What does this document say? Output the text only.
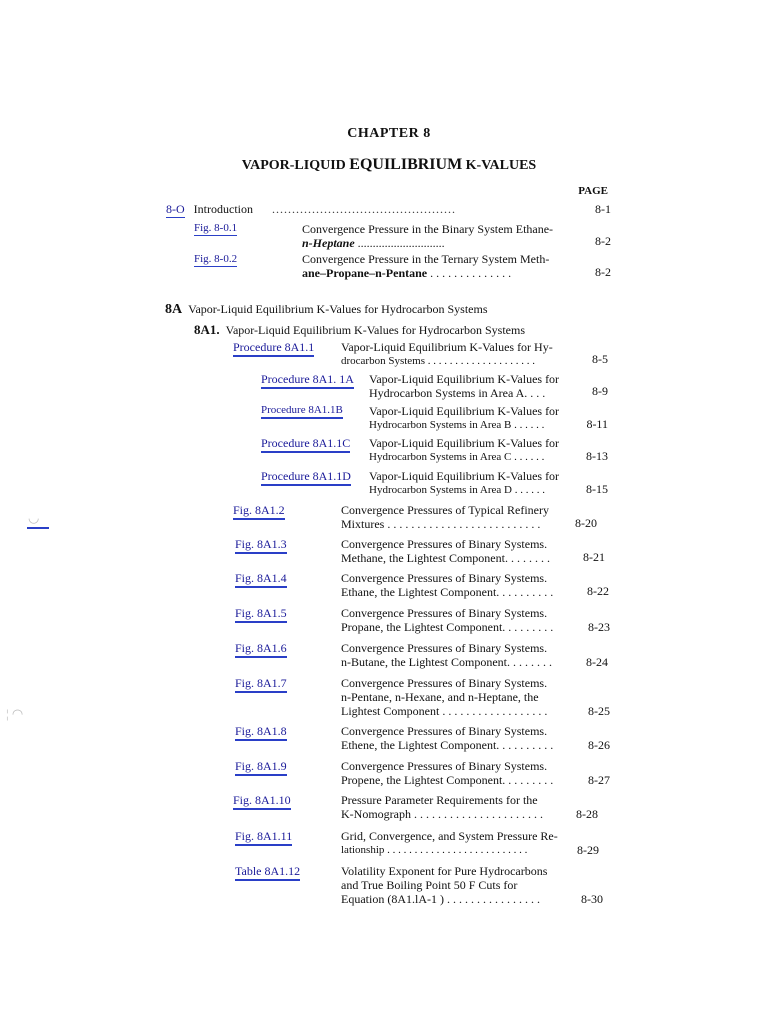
CHAPTER 8
VAPOR-LIQUID EQUILIBRIUM K-VALUES
PAGE
8-O Introduction ..............................................	8-1
Fig. 8-0.1	Convergence Pressure in the Binary System Ethane-
n-Heptane .............................	8-2
Fig. 8-0.2	Convergence Pressure in the Ternary System Meth-
ane–Propane–n-Pentane . . . . . . . . . . . . . .	8-2
8A Vapor-Liquid Equilibrium K-Values for Hydrocarbon Systems
8A1. Vapor-Liquid Equilibrium K-Values for Hydrocarbon Systems
Procedure 8A1.1 Vapor-Liquid Equilibrium K-Values for Hy-
drocarbon Systems . . . . . . . . . . . . . . . . . . . .	8-5
Procedure 8A1. 1A Vapor-Liquid Equilibrium K-Values for
Hydrocarbon Systems in Area A. . . .	8-9
Procedure 8A1.1B Vapor-Liquid Equilibrium K-Values for
Hydrocarbon Systems in Area B . . . . . .	8-11
Procedure 8A1.1C Vapor-Liquid Equilibrium K-Values for
Hydrocarbon Systems in Area C . . . . . .	8-13
Procedure 8A1.1D Vapor-Liquid Equilibrium K-Values for
Hydrocarbon Systems in Area D . . . . . .	8-15
Fig. 8A1.2	Convergence Pressures of Typical Refinery
Mixtures . . . . . . . . . . . . . . . . . . . . . . . . . .	8-20
Fig. 8A1.3	Convergence Pressures of Binary Systems.
Methane, the Lightest Component. . . . . . . .	8-21
Fig. 8A1.4	Convergence Pressures of Binary Systems.
Ethane, the Lightest Component. . . . . . . . . .	8-22
Fig. 8A1.5	Convergence Pressures of Binary Systems.
Propane, the Lightest Component. . . . . . . . .	8-23
Fig. 8A1.6	Convergence Pressures of Binary Systems.
n-Butane, the Lightest Component. . . . . . . .	8-24
Fig. 8A1.7	Convergence Pressures of Binary Systems.
n-Pentane, n-Hexane, and n-Heptane, the
Lightest Component . . . . . . . . . . . . . . . . . .	8-25
Fig. 8A1.8	Convergence Pressures of Binary Systems.
Ethene, the Lightest Component. . . . . . . . . .	8-26
Fig. 8A1.9	Convergence Pressures of Binary Systems.
Propene, the Lightest Component. . . . . . . . .	8-27
Fig. 8A1.10	Pressure Parameter Requirements for the
K-Nomograph . . . . . . . . . . . . . . . . . . . . . .	8-28
Fig. 8A1.11	Grid, Convergence, and System Pressure Re-
lationship . . . . . . . . . . . . . . . . . . . . . . . . . .	8-29
Table 8A1.12	Volatility Exponent for Pure Hydrocarbons
and True Boiling Point 50 F Cuts for
Equation (8A1.lA-1 ) . . . . . . . . . . . . . . . .	8-30
◡
¦ ◠
